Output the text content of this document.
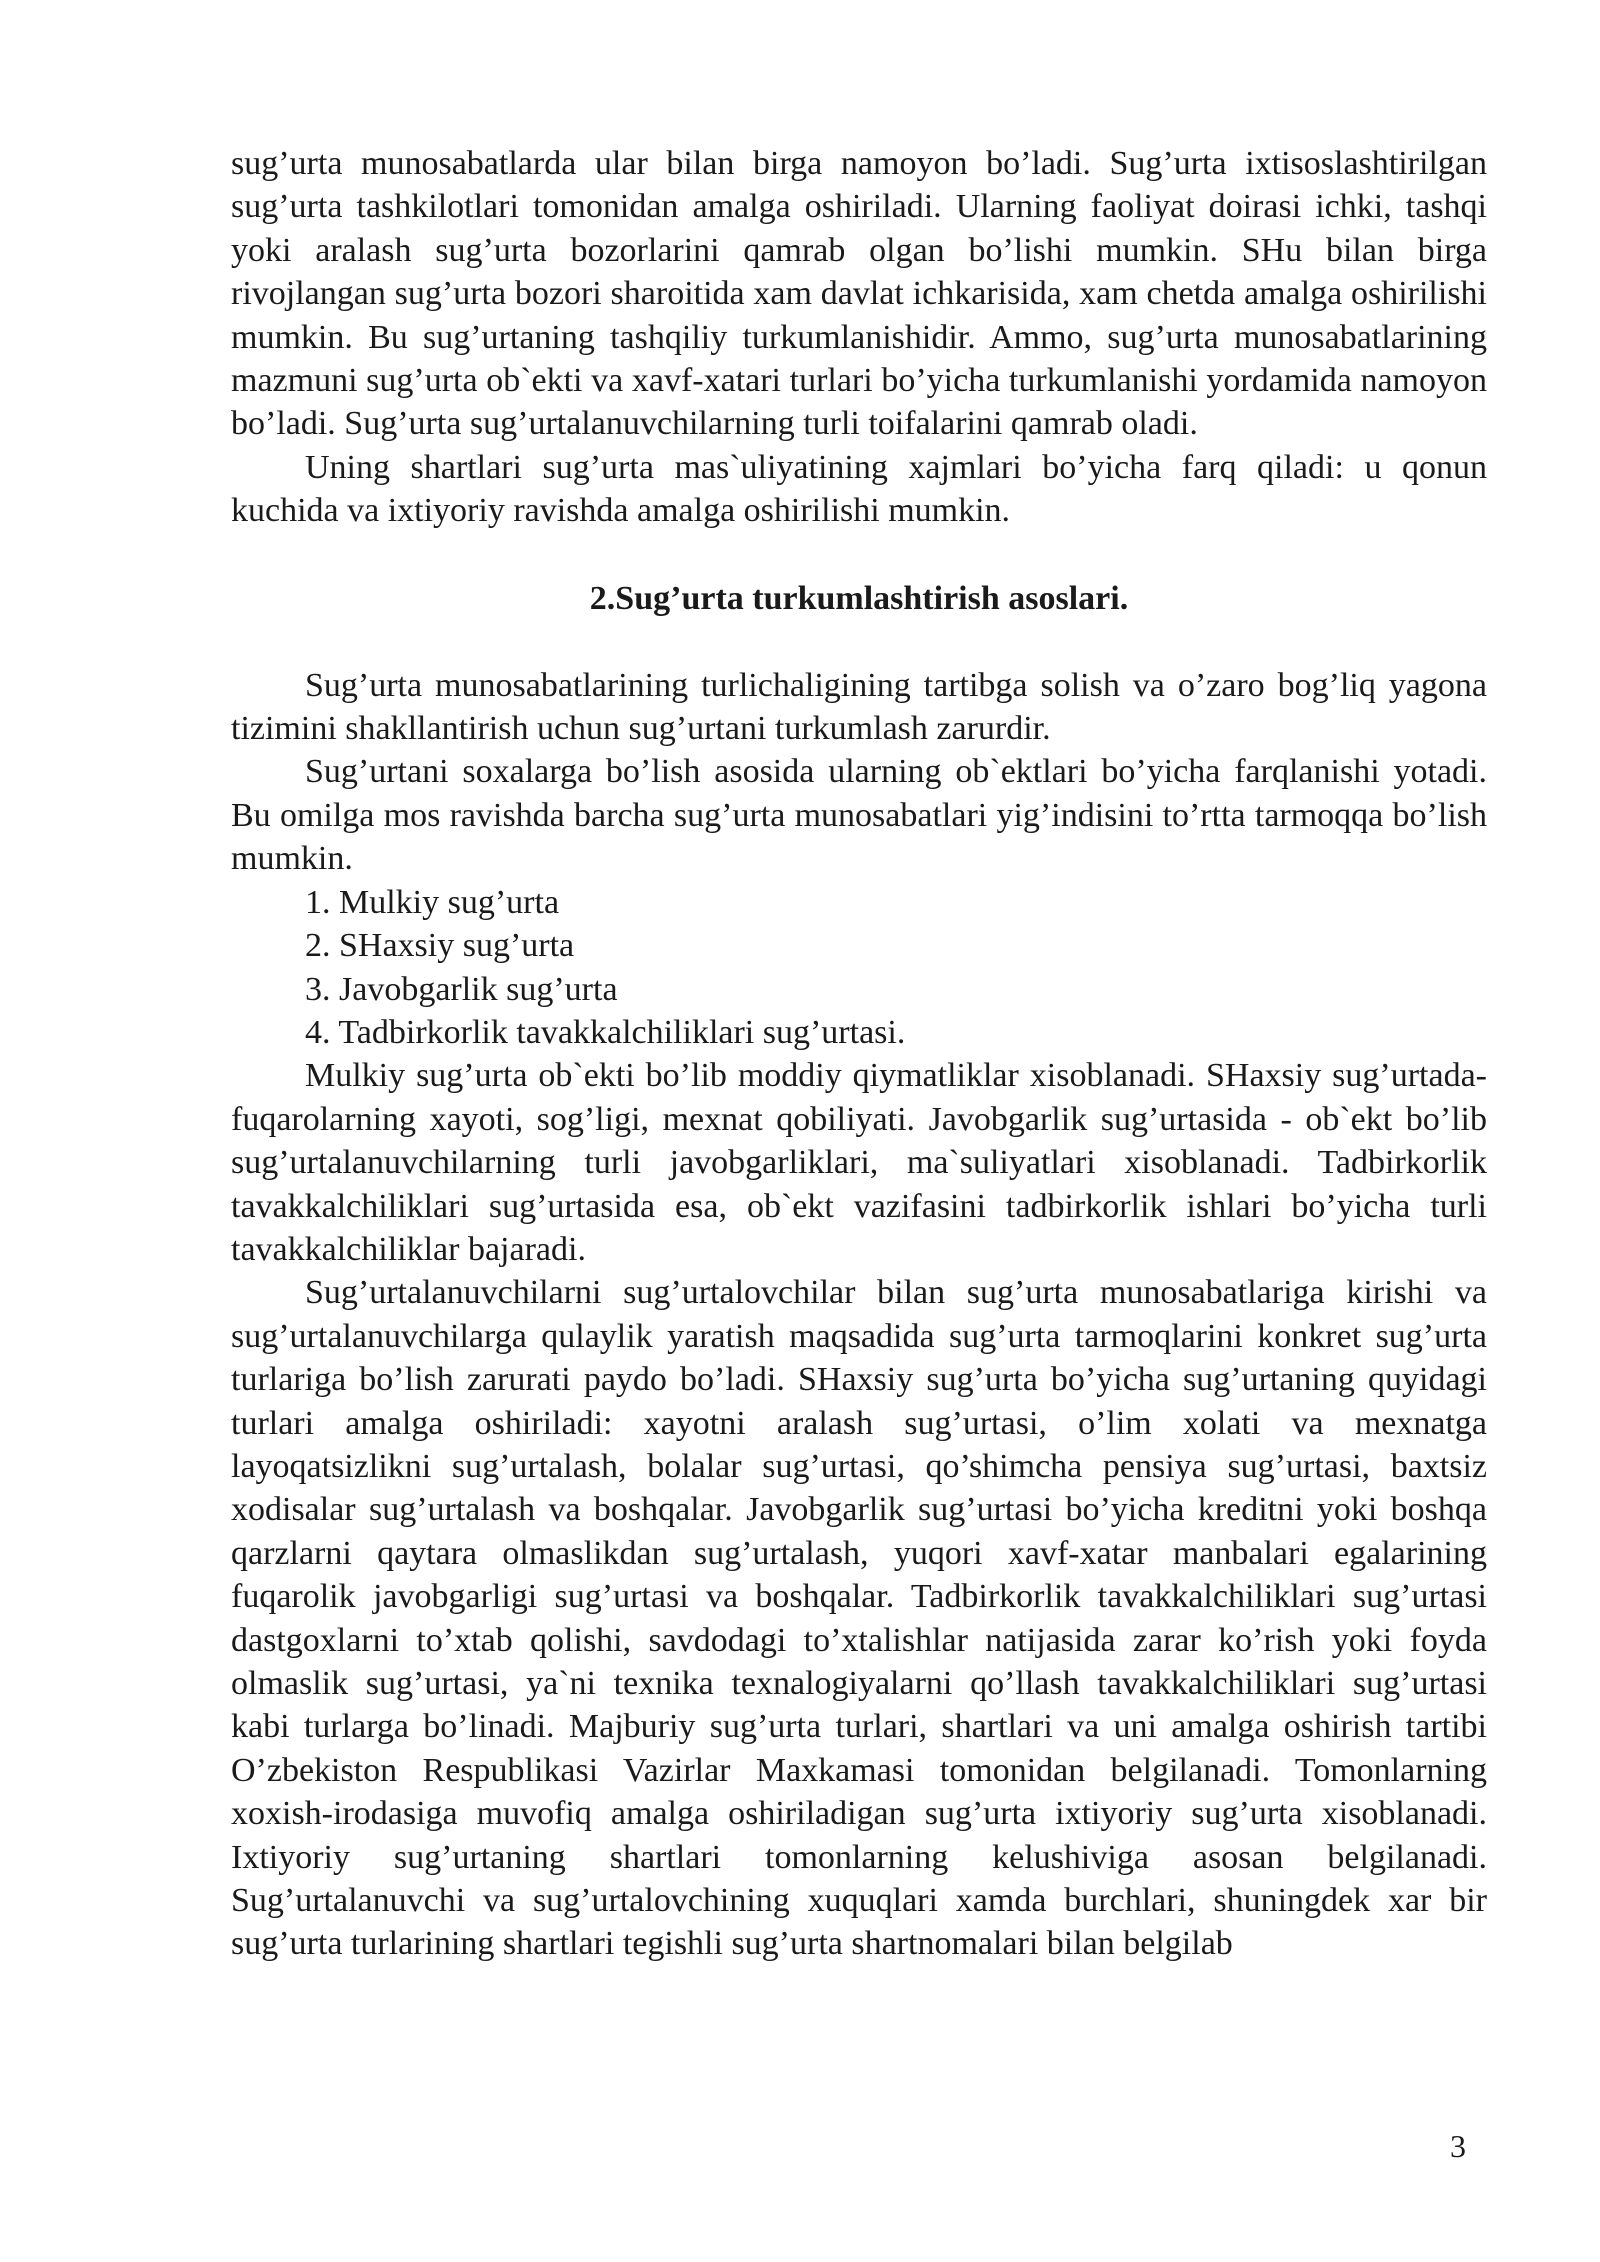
sug’urta munosabatlarda ular bilan birga namoyon bo’ladi. Sug’urta ixtisoslashtirilgan sug’urta tashkilotlari tomonidan amalga oshiriladi. Ularning faoliyat doirasi ichki, tashqi yoki aralash sug’urta bozorlarini qamrab olgan bo’lishi mumkin. SHu bilan birga rivojlangan sug’urta bozori sharoitida xam davlat ichkarisida, xam chetda amalga oshirilishi mumkin. Bu sug’urtaning tashqiliy turkumlanishidir. Ammo, sug’urta munosabatlarining mazmuni sug’urta ob`ekti va xavf-xatari turlari bo’yicha turkumlanishi yordamida namoyon bo’ladi. Sug’urta sug’urtalanuvchilarning turli toifalarini qamrab oladi.

Uning shartlari sug’urta mas`uliyatining xajmlari bo’yicha farq qiladi: u qonun kuchida va ixtiyoriy ravishda amalga oshirilishi mumkin.

2.Sug’urta turkumlashtirish asoslari.

Sug’urta munosabatlarining turlichaligining tartibga solish va o’zaro bog’liq yagona tizimini shakllantirish uchun sug’urtani turkumlash zarurdir.

Sug’urtani soxalarga bo’lish asosida ularning ob`ektlari bo’yicha farqlanishi yotadi. Bu omilga mos ravishda barcha sug’urta munosabatlari yig’indisini to’rtta tarmoqqa bo’lish mumkin.

1. Mulkiy sug’urta

2. SHaxsiy sug’urta

3. Javobgarlik sug’urta

4. Tadbirkorlik tavakkalchiliklari sug’urtasi.

Mulkiy sug’urta ob`ekti bo’lib moddiy qiymatliklar xisoblanadi. SHaxsiy sug’urtada- fuqarolarning xayoti, sog’ligi, mexnat qobiliyati. Javobgarlik sug’urtasida - ob`ekt bo’lib sug’urtalanuvchilarning turli javobgarliklari, ma`suliyatlari xisoblanadi. Tadbirkorlik tavakkalchiliklari sug’urtasida esa, ob`ekt vazifasini tadbirkorlik ishlari bo’yicha turli tavakkalchiliklar bajaradi.

Sug’urtalanuvchilarni sug’urtalovchilar bilan sug’urta munosabatlariga kirishi va sug’urtalanuvchilarga qulaylik yaratish maqsadida sug’urta tarmoqlarini konkret sug’urta turlariga bo’lish zarurati paydo bo’ladi. SHaxsiy sug’urta bo’yicha sug’urtaning quyidagi turlari amalga oshiriladi: xayotni aralash sug’urtasi, o’lim xolati va mexnatga layoqatsizlikni sug’urtalash, bolalar sug’urtasi, qo’shimcha pensiya sug’urtasi, baxtsiz xodisalar sug’urtalash va boshqalar. Javobgarlik sug’urtasi bo’yicha kreditni yoki boshqa qarzlarni qaytara olmaslikdan sug’urtalash, yuqori xavf-xatar manbalari egalarining fuqarolik javobgarligi sug’urtasi va boshqalar. Tadbirkorlik tavakkalchiliklari sug’urtasi dastgoxlarni to’xtab qolishi, savdodagi to’xtalishlar natijasida zarar ko’rish yoki foyda olmaslik sug’urtasi, ya`ni texnika texnalogiyalarni qo’llash tavakkalchiliklari sug’urtasi kabi turlarga bo’linadi. Majburiy sug’urta turlari, shartlari va uni amalga oshirish tartibi O’zbekiston Respublikasi Vazirlar Maxkamasi tomonidan belgilanadi. Tomonlarning xoxish-irodasiga muvofiq amalga oshiriladigan sug’urta ixtiyoriy sug’urta xisoblanadi. Ixtiyoriy sug’urtaning shartlari tomonlarning kelushiviga asosan belgilanadi. Sug’urtalanuvchi va sug’urtalovchining xuquqlari xamda burchlari, shuningdek xar bir sug’urta turlarining shartlari tegishli sug’urta shartnomalari bilan belgilab

3
